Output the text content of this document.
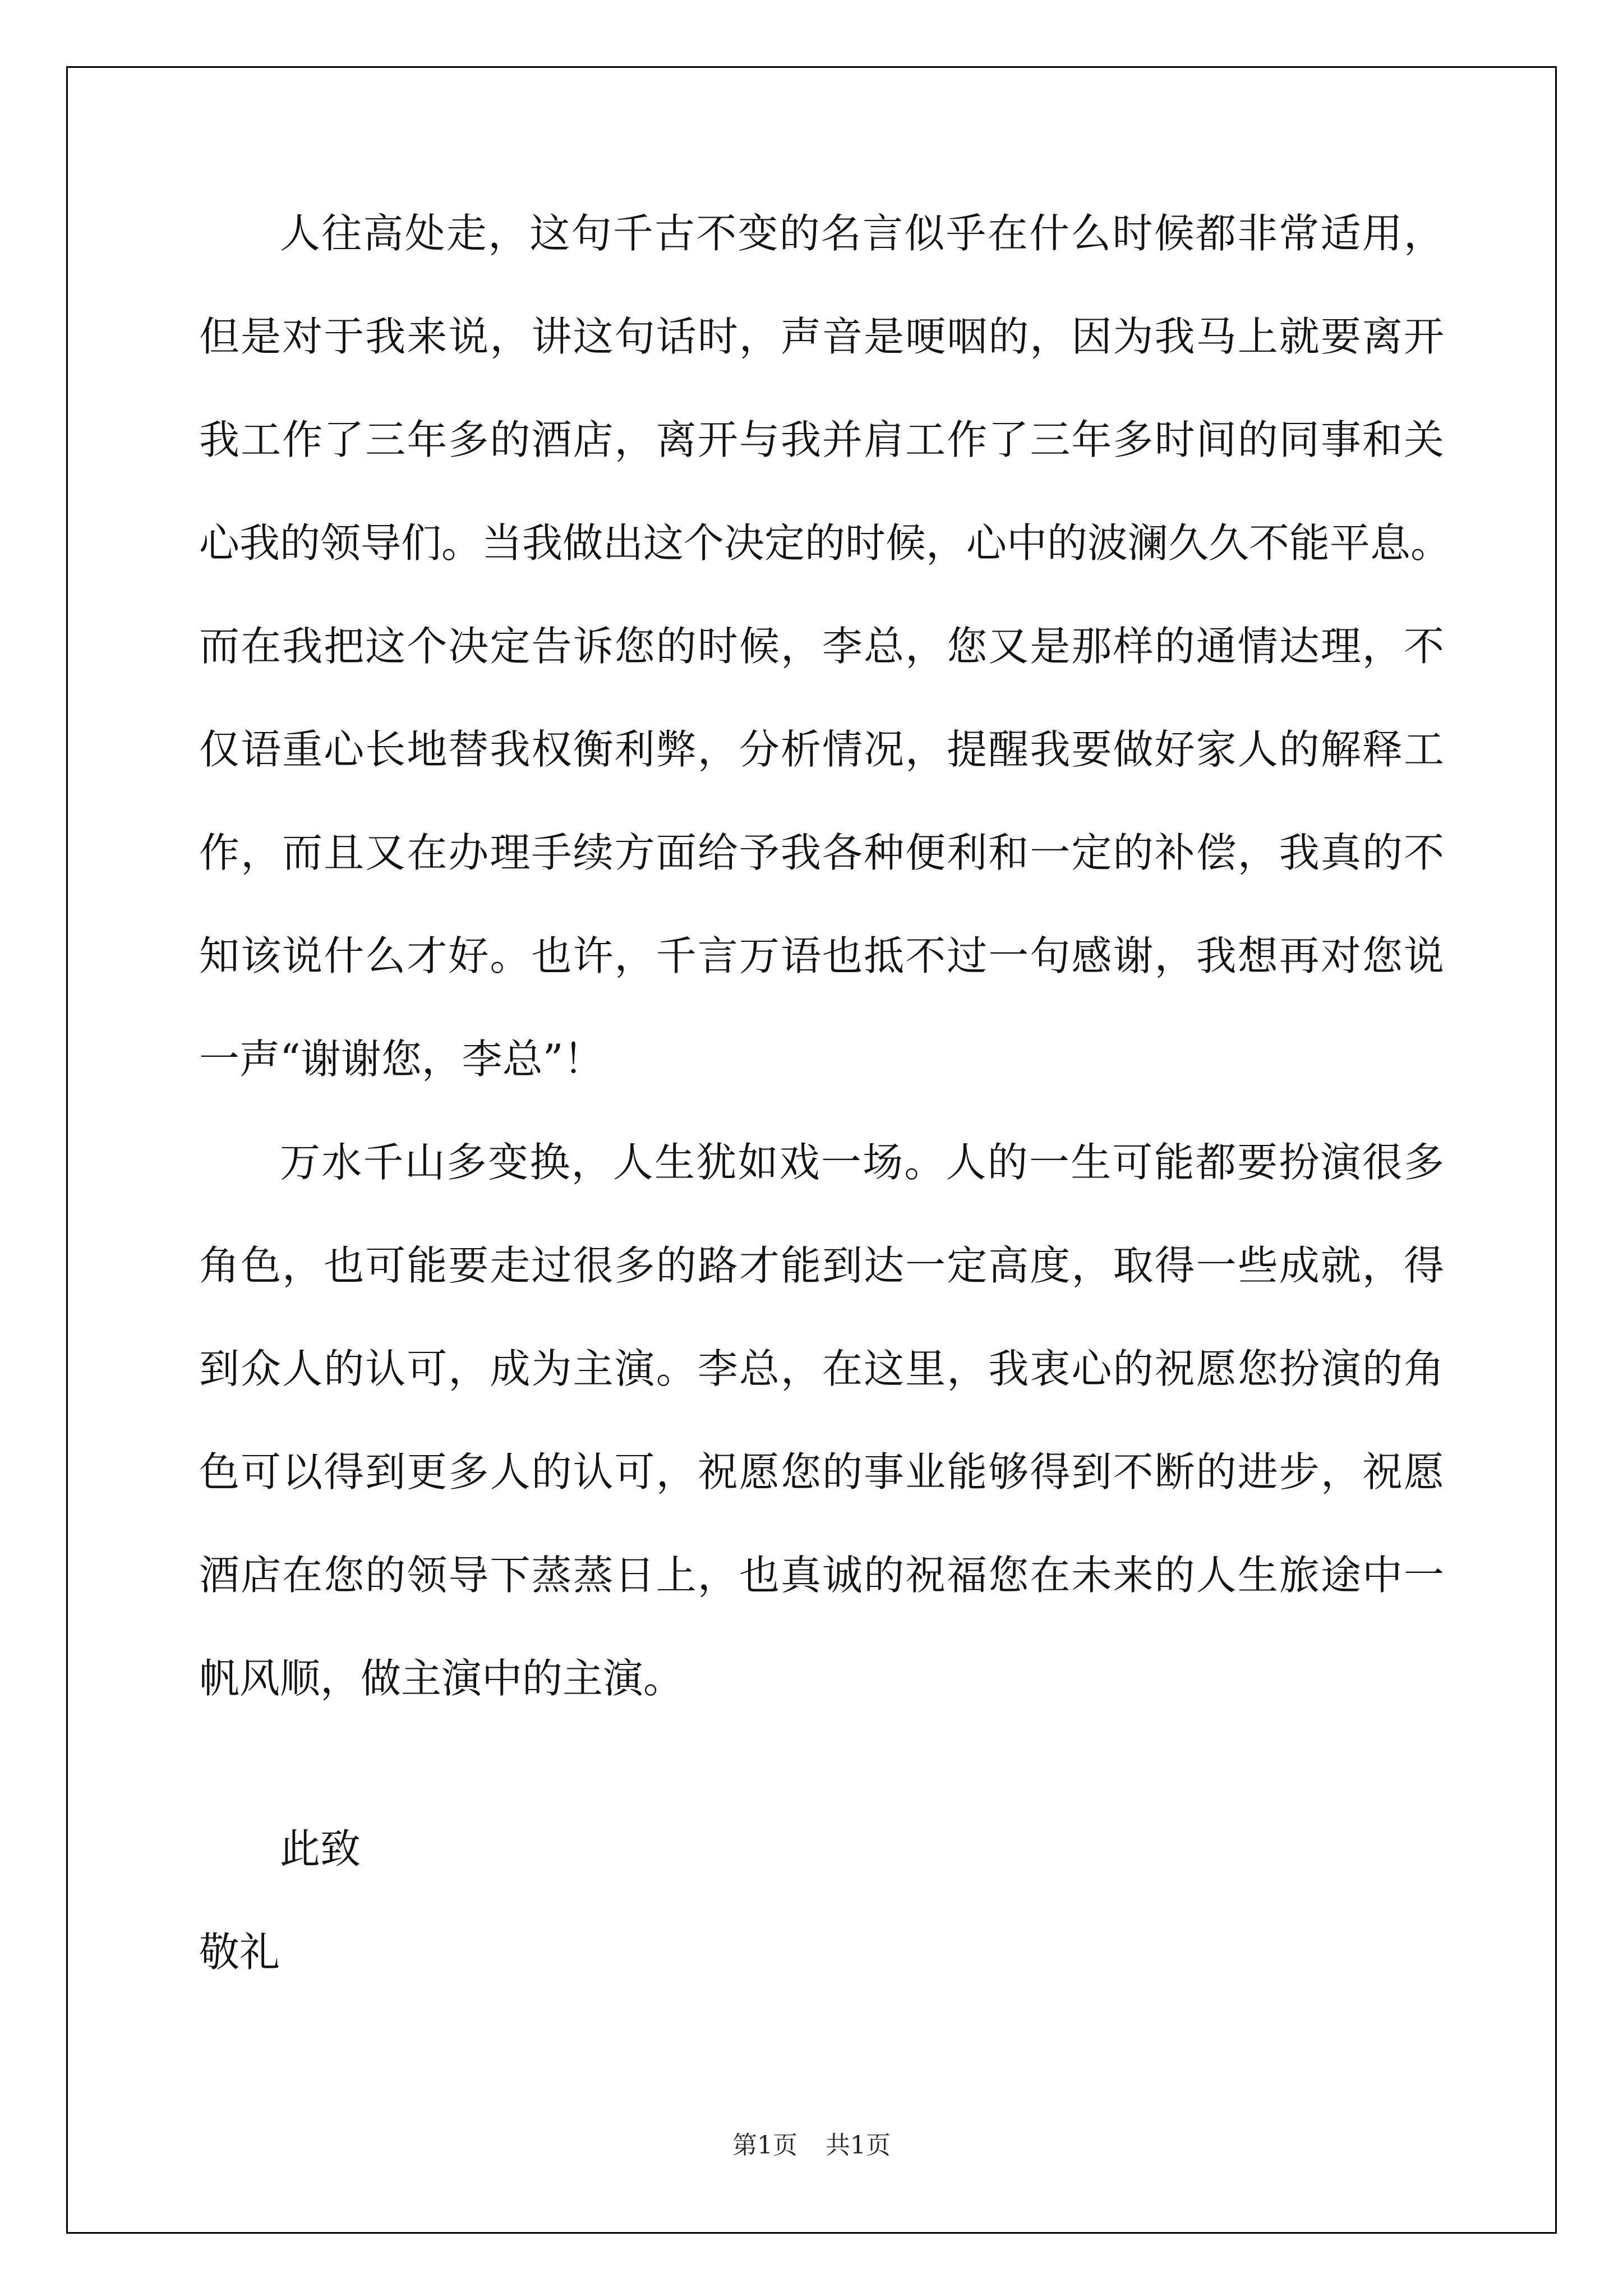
人往高处走，这句千古不变的名言似乎在什么时候都非常适用，
但是对于我来说，讲这句话时，声音是哽咽的，因为我马上就要离开
我工作了三年多的酒店，离开与我并肩工作了三年多时间的同事和关
心我的领导们。当我做出这个决定的时候，心中的波澜久久不能平息。
而在我把这个决定告诉您的时候，李总，您又是那样的通情达理，不
仅语重心长地替我权衡利弊，分析情况，提醒我要做好家人的解释工
作，而且又在办理手续方面给予我各种便利和一定的补偿，我真的不
知该说什么才好。也许，千言万语也抵不过一句感谢，我想再对您说
一声“谢谢您，李总”！
万水千山多变换，人生犹如戏一场。人的一生可能都要扮演很多
角色，也可能要走过很多的路才能到达一定高度，取得一些成就，得
到众人的认可，成为主演。李总，在这里，我衷心的祝愿您扮演的角
色可以得到更多人的认可，祝愿您的事业能够得到不断的进步，祝愿
酒店在您的领导下蒸蒸日上，也真诚的祝福您在未来的人生旅途中一
帆风顺，做主演中的主演。
此致
敬礼
第1页 共1页
